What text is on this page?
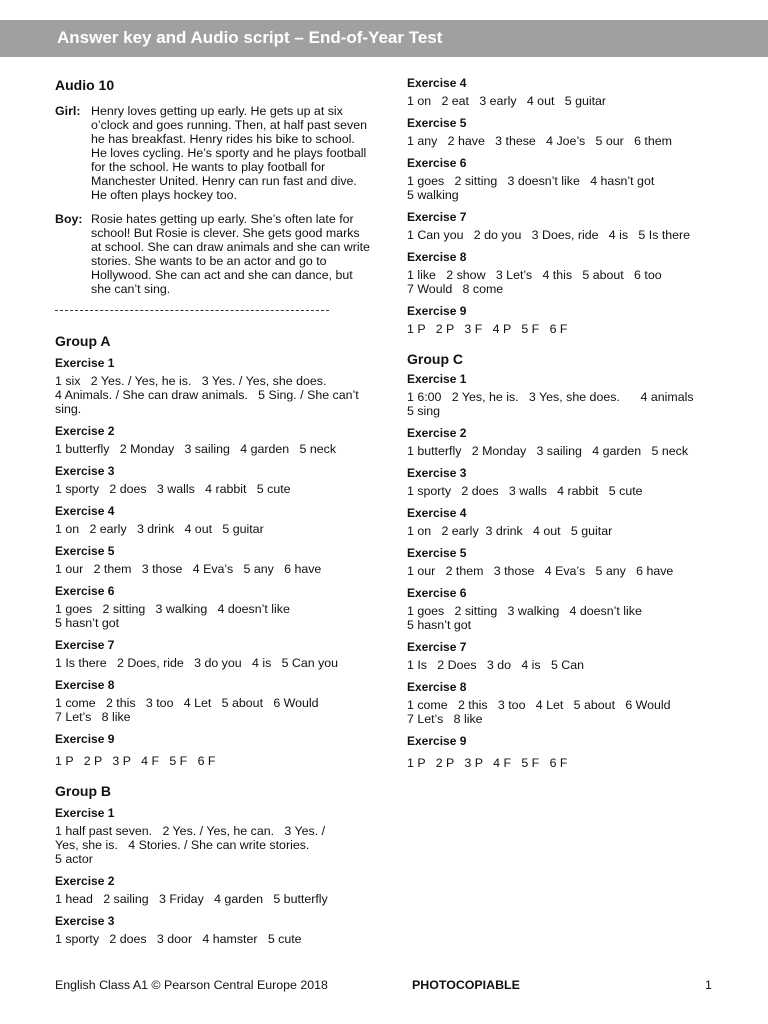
Answer key and Audio script – End-of-Year Test
Audio 10
Girl: Henry loves getting up early. He gets up at six o’clock and goes running. Then, at half past seven he has breakfast. Henry rides his bike to school. He loves cycling. He’s sporty and he plays football for the school. He wants to play football for Manchester United. Henry can run fast and dive. He often plays hockey too.
Boy: Rosie hates getting up early. She’s often late for school! But Rosie is clever. She gets good marks at school. She can draw animals and she can write stories. She wants to be an actor and go to Hollywood. She can act and she can dance, but she can’t sing.
Group A
Exercise 1
1 six   2 Yes. / Yes, he is.   3 Yes. / Yes, she does.
4 Animals. / She can draw animals.   5 Sing. / She can’t sing.
Exercise 2
1 butterfly   2 Monday   3 sailing   4 garden   5 neck
Exercise 3
1 sporty   2 does   3 walls   4 rabbit   5 cute
Exercise 4
1 on   2 early   3 drink   4 out   5 guitar
Exercise 5
1 our   2 them   3 those   4 Eva’s   5 any   6 have
Exercise 6
1 goes   2 sitting   3 walking   4 doesn’t like
5 hasn’t got
Exercise 7
1 Is there   2 Does, ride   3 do you   4 is   5 Can you
Exercise 8
1 come   2 this   3 too   4 Let   5 about   6 Would
7 Let’s   8 like
Exercise 9
1 P   2 P   3 P   4 F   5 F   6 F
Group B
Exercise 1
1 half past seven.   2 Yes. / Yes, he can.   3 Yes. / Yes, she is.   4 Stories. / She can write stories.
5 actor
Exercise 2
1 head   2 sailing   3 Friday   4 garden   5 butterfly
Exercise 3
1 sporty   2 does   3 door   4 hamster   5 cute
Exercise 4
1 on   2 eat   3 early   4 out   5 guitar
Exercise 5
1 any   2 have   3 these   4 Joe’s   5 our   6 them
Exercise 6
1 goes   2 sitting   3 doesn’t like   4 hasn’t got
5 walking
Exercise 7
1 Can you   2 do you   3 Does, ride   4 is   5 Is there
Exercise 8
1 like   2 show   3 Let’s   4 this   5 about   6 too
7 Would   8 come
Exercise 9
1 P   2 P   3 F   4 P   5 F   6 F
Group C
Exercise 1
1 6:00   2 Yes, he is.   3 Yes, she does.      4 animals
5 sing
Exercise 2
1 butterfly   2 Monday   3 sailing   4 garden   5 neck
Exercise 3
1 sporty   2 does   3 walls   4 rabbit   5 cute
Exercise 4
1 on   2 early  3 drink   4 out   5 guitar
Exercise 5
1 our   2 them   3 those   4 Eva’s   5 any   6 have
Exercise 6
1 goes   2 sitting   3 walking   4 doesn’t like
5 hasn’t got
Exercise 7
1 Is   2 Does   3 do   4 is   5 Can
Exercise 8
1 come   2 this   3 too   4 Let   5 about   6 Would
7 Let’s   8 like
Exercise 9
1 P   2 P   3 P   4 F   5 F   6 F
English Class A1 © Pearson Central Europe 2018	PHOTOCOPIABLE	1
